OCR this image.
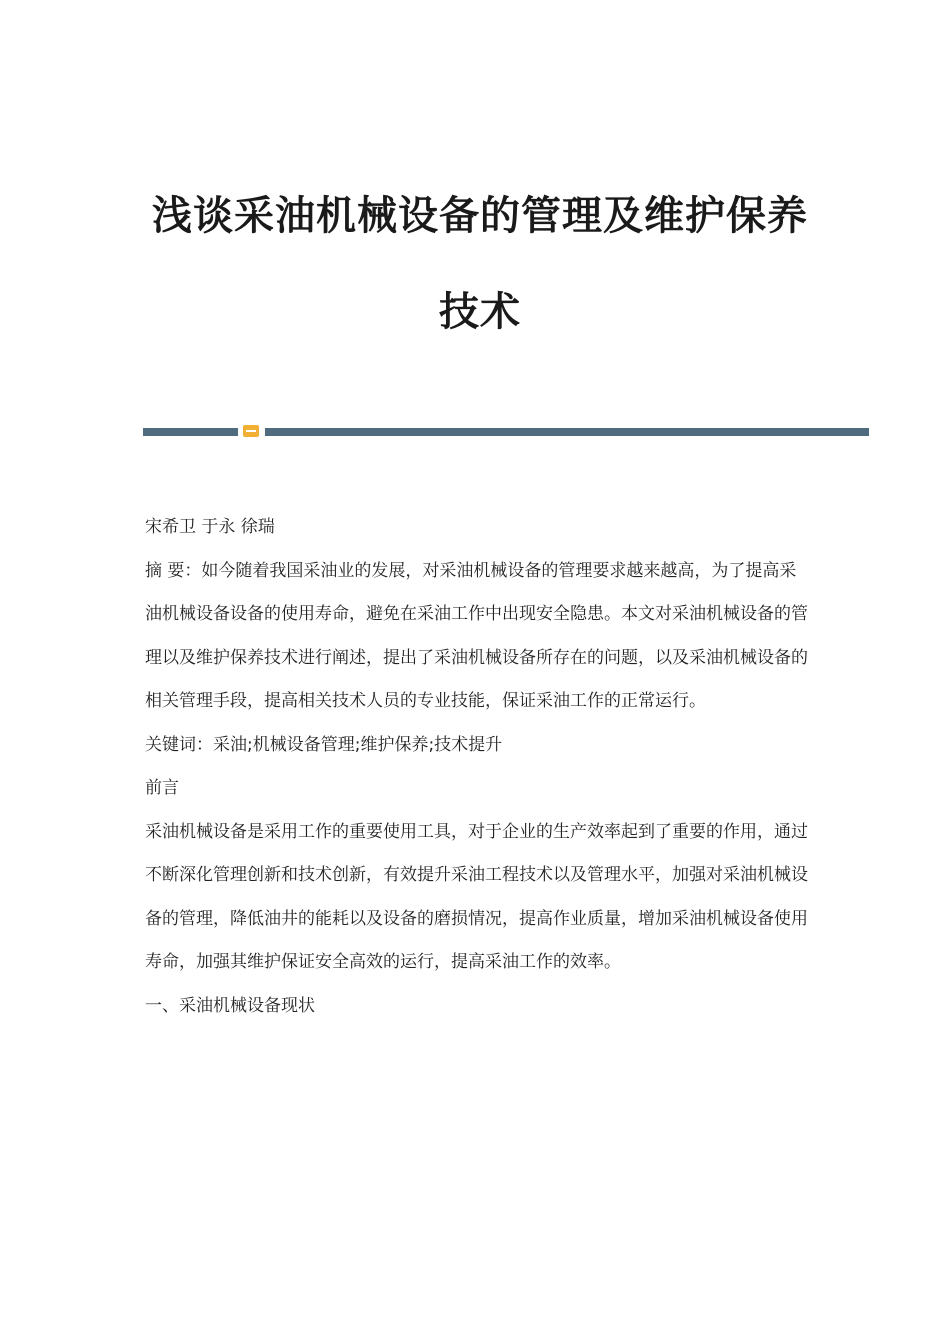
浅谈采油机械设备的管理及维护保养技术

宋希卫 于永 徐瑞

摘 要：如今随着我国采油业的发展，对采油机械设备的管理要求越来越高，为了提高采油机械设备设备的使用寿命，避免在采油工作中出现安全隐患。本文对采油机械设备的管理以及维护保养技术进行阐述，提出了采油机械设备所存在的问题，以及采油机械设备的相关管理手段，提高相关技术人员的专业技能，保证采油工作的正常运行。

关键词：采油;机械设备管理;维护保养;技术提升

前言

采油机械设备是采用工作的重要使用工具，对于企业的生产效率起到了重要的作用，通过不断深化管理创新和技术创新，有效提升采油工程技术以及管理水平，加强对采油机械设备的管理，降低油井的能耗以及设备的磨损情况，提高作业质量，增加采油机械设备使用寿命，加强其维护保证安全高效的运行，提高采油工作的效率。

一、采油机械设备现状
